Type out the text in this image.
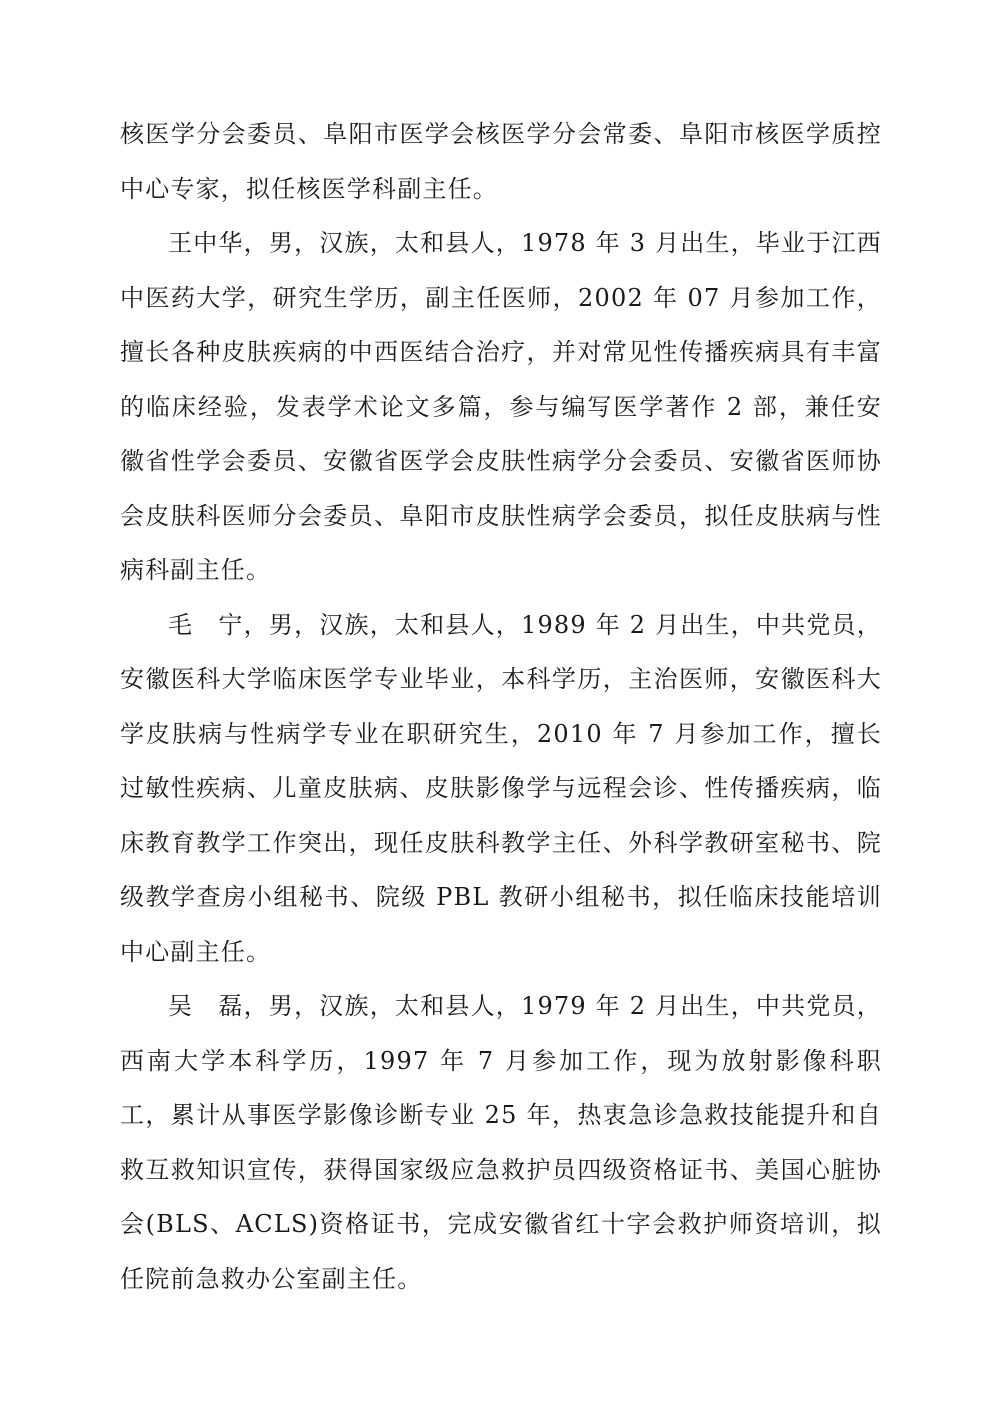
核医学分会委员、阜阳市医学会核医学分会常委、阜阳市核医学质控中心专家，拟任核医学科副主任。

王中华，男，汉族，太和县人，1978 年 3 月出生，毕业于江西中医药大学，研究生学历，副主任医师，2002 年 07 月参加工作，擅长各种皮肤疾病的中西医结合治疗，并对常见性传播疾病具有丰富的临床经验，发表学术论文多篇，参与编写医学著作 2 部，兼任安徽省性学会委员、安徽省医学会皮肤性病学分会委员、安徽省医师协会皮肤科医师分会委员、阜阳市皮肤性病学会委员，拟任皮肤病与性病科副主任。

毛　宁，男，汉族，太和县人，1989 年 2 月出生，中共党员，安徽医科大学临床医学专业毕业，本科学历，主治医师，安徽医科大学皮肤病与性病学专业在职研究生，2010 年 7 月参加工作，擅长过敏性疾病、儿童皮肤病、皮肤影像学与远程会诊、性传播疾病，临床教育教学工作突出，现任皮肤科教学主任、外科学教研室秘书、院级教学查房小组秘书、院级 PBL 教研小组秘书，拟任临床技能培训中心副主任。

吴　磊，男，汉族，太和县人，1979 年 2 月出生，中共党员，西南大学本科学历，1997 年 7 月参加工作，现为放射影像科职工，累计从事医学影像诊断专业 25 年，热衷急诊急救技能提升和自救互救知识宣传，获得国家级应急救护员四级资格证书、美国心脏协会(BLS、ACLS)资格证书，完成安徽省红十字会救护师资培训，拟任院前急救办公室副主任。
